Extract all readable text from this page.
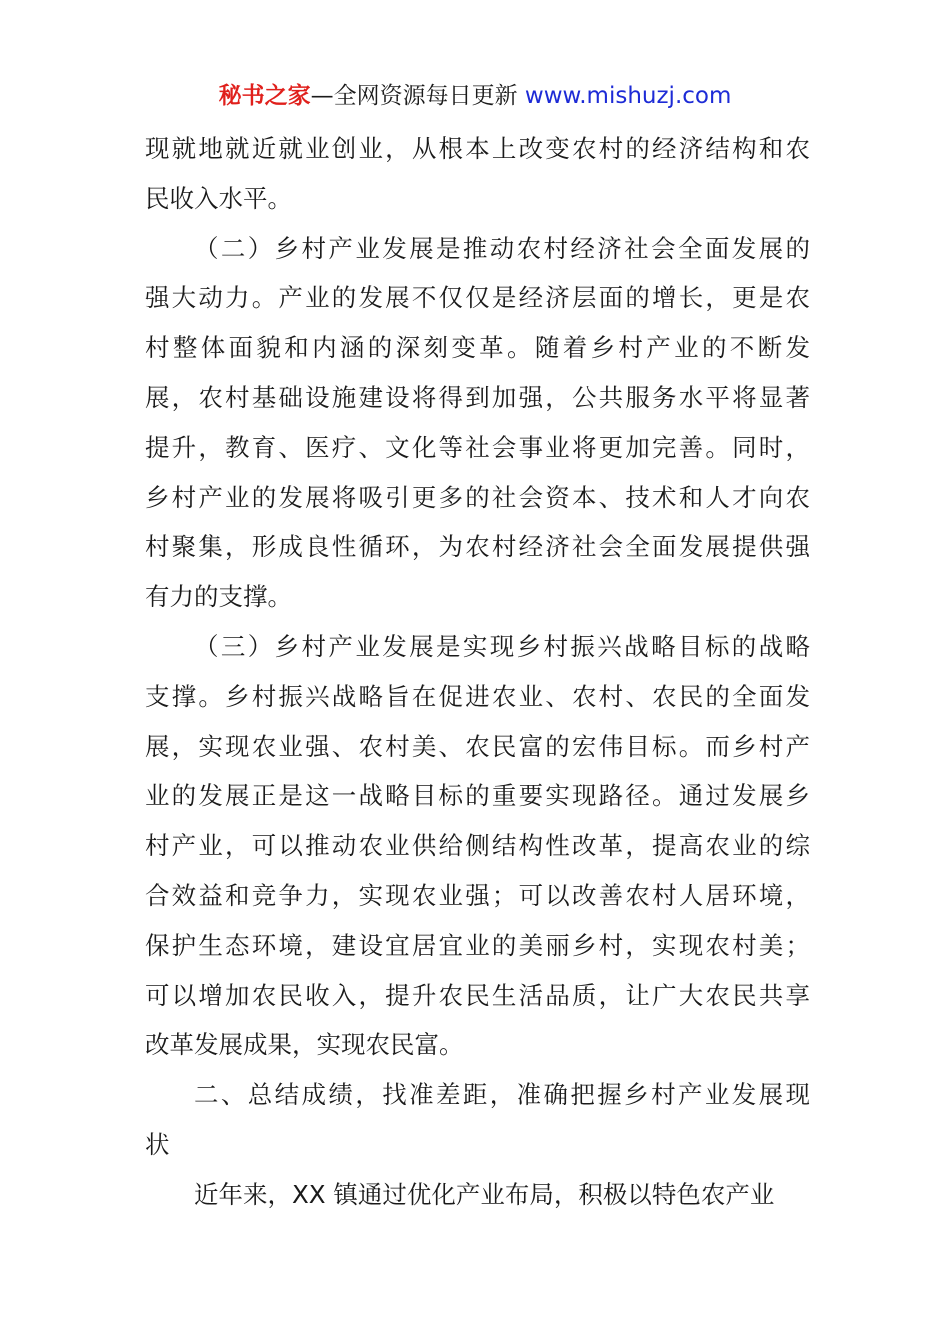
秘书之家—全网资源每日更新 www.mishuzj.com

现就地就近就业创业，从根本上改变农村的经济结构和农
民收入水平。

（二）乡村产业发展是推动农村经济社会全面发展的
强大动力。产业的发展不仅仅是经济层面的增长，更是农
村整体面貌和内涵的深刻变革。随着乡村产业的不断发
展，农村基础设施建设将得到加强，公共服务水平将显著
提升，教育、医疗、文化等社会事业将更加完善。同时，
乡村产业的发展将吸引更多的社会资本、技术和人才向农
村聚集，形成良性循环，为农村经济社会全面发展提供强
有力的支撑。

（三）乡村产业发展是实现乡村振兴战略目标的战略
支撑。乡村振兴战略旨在促进农业、农村、农民的全面发
展，实现农业强、农村美、农民富的宏伟目标。而乡村产
业的发展正是这一战略目标的重要实现路径。通过发展乡
村产业，可以推动农业供给侧结构性改革，提高农业的综
合效益和竞争力，实现农业强；可以改善农村人居环境，
保护生态环境，建设宜居宜业的美丽乡村，实现农村美；
可以增加农民收入，提升农民生活品质，让广大农民共享
改革发展成果，实现农民富。

二、总结成绩，找准差距，准确把握乡村产业发展现
状

近年来，XX 镇通过优化产业布局，积极以特色农产业
